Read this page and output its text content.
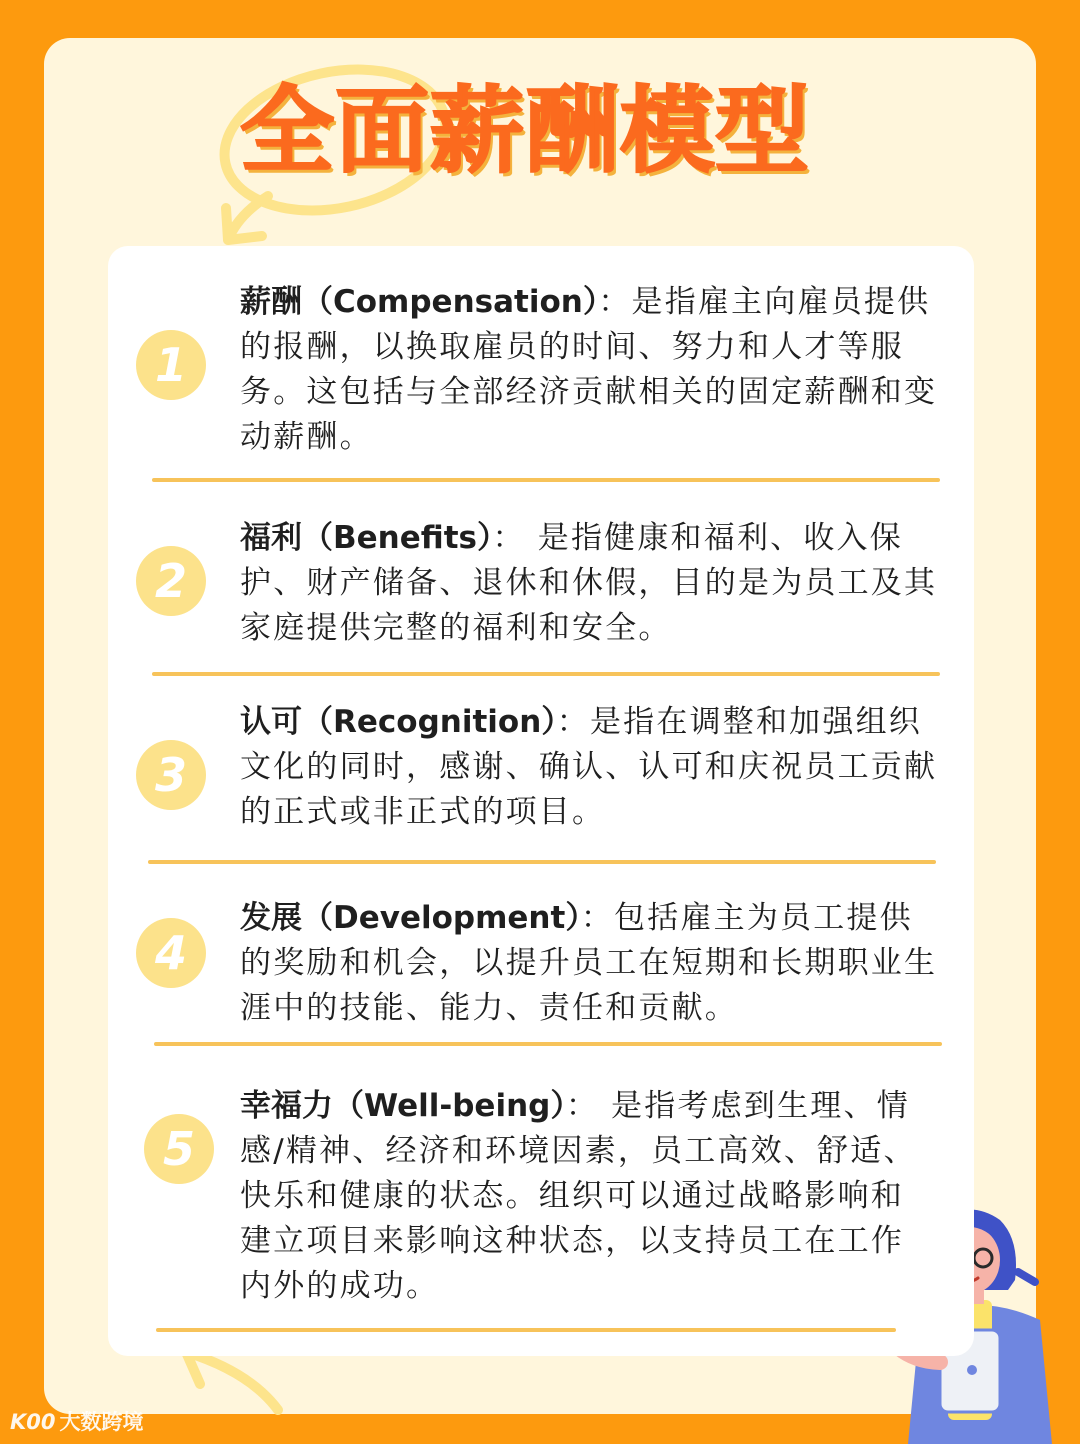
全面薪酬模型
1

薪酬（Compensation）：是指雇主向雇员提供的报酬，以换取雇员的时间、努力和人才等服务。这包括与全部经济贡献相关的固定薪酬和变动薪酬。

2

福利（Benefits）： 是指健康和福利、收入保护、财产储备、退休和休假，目的是为员工及其家庭提供完整的福利和安全。

3

认可（Recognition）：是指在调整和加强组织文化的同时，感谢、确认、认可和庆祝员工贡献的正式或非正式的项目。

4

发展（Development）：包括雇主为员工提供的奖励和机会，以提升员工在短期和长期职业生涯中的技能、能力、责任和贡献。

5

幸福力（Well-being）： 是指考虑到生理、情感/精神、经济和环境因素，员工高效、舒适、快乐和健康的状态。组织可以通过战略影响和建立项目来影响这种状态，以支持员工在工作内外的成功。

K00 大数跨境
